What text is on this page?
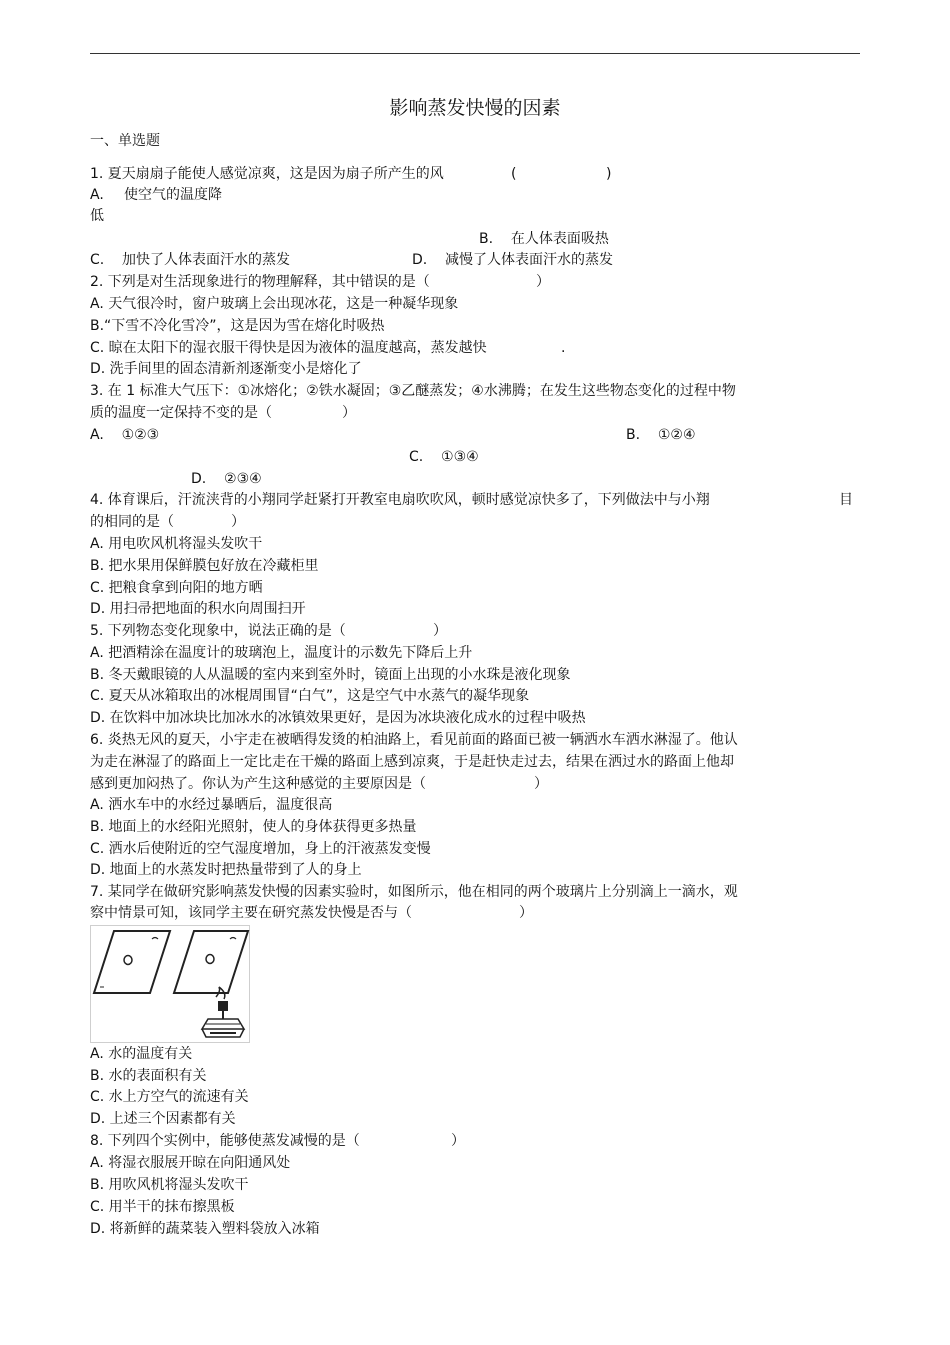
影响蒸发快慢的因素
一、单选题
1. 夏天扇扇子能使人感觉凉爽，这是因为扇子所产生的风	(	)
A. 使空气的温度降
低
B.    在人体表面吸热
C.    加快了人体表面汗水的蒸发	D.    减慢了人体表面汗水的蒸发
2. 下列是对生活现象进行的物理解释，其中错误的是（	）
A. 天气很冷时，窗户玻璃上会出现冰花，这是一种凝华现象
B.“下雪不冷化雪冷”，这是因为雪在熔化时吸热
C. 晾在太阳下的湿衣服干得快是因为液体的温度越高，蒸发越快	.
D. 洗手间里的固态清新剂逐渐变小是熔化了
3. 在 1 标准大气压下：①冰熔化；②铁水凝固；③乙醚蒸发；④水沸腾；在发生这些物态变化的过程中物
质的温度一定保持不变的是（	）
A.    ①②③	B.    ①②④
C.    ①③④
D.    ②③④
4. 体育课后，汗流浃背的小翔同学赶紧打开教室电扇吹吹风，顿时感觉凉快多了，下列做法中与小翔	目
的相同的是（	）
A. 用电吹风机将湿头发吹干
B. 把水果用保鲜膜包好放在冷藏柜里
C. 把粮食拿到向阳的地方晒
D. 用扫帚把地面的积水向周围扫开
5. 下列物态变化现象中，说法正确的是（	）
A. 把酒精涂在温度计的玻璃泡上，温度计的示数先下降后上升
B. 冬天戴眼镜的人从温暖的室内来到室外时，镜面上出现的小水珠是液化现象
C. 夏天从冰箱取出的冰棍周围冒“白气”，这是空气中水蒸气的凝华现象
D. 在饮料中加冰块比加冰水的冰镇效果更好，是因为冰块液化成水的过程中吸热
6. 炎热无风的夏天，小宇走在被晒得发烫的柏油路上，看见前面的路面已被一辆洒水车洒水淋湿了。他认
为走在淋湿了的路面上一定比走在干燥的路面上感到凉爽，于是赶快走过去，结果在洒过水的路面上他却
感到更加闷热了。你认为产生这种感觉的主要原因是（	）
A. 洒水车中的水经过暴晒后，温度很高
B. 地面上的水经阳光照射，使人的身体获得更多热量
C. 洒水后使附近的空气湿度增加，身上的汗液蒸发变慢
D. 地面上的水蒸发时把热量带到了人的身上
7. 某同学在做研究影响蒸发快慢的因素实验时，如图所示，他在相同的两个玻璃片上分别滴上一滴水，观
察中情景可知，该同学主要在研究蒸发快慢是否与（	）
A. 水的温度有关
B. 水的表面积有关
C. 水上方空气的流速有关
D. 上述三个因素都有关
8. 下列四个实例中，能够使蒸发减慢的是（	）
A. 将湿衣服展开晾在向阳通风处
B. 用吹风机将湿头发吹干
C. 用半干的抹布擦黑板
D. 将新鲜的蔬菜装入塑料袋放入冰箱
